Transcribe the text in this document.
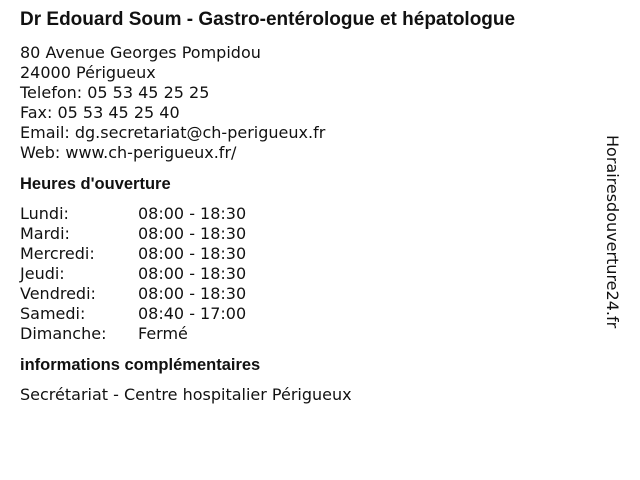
Dr Edouard Soum - Gastro-entérologue et hépatologue
80 Avenue Georges Pompidou
24000 Périgueux
Telefon: 05 53 45 25 25
Fax: 05 53 45 25 40
Email: dg.secretariat@ch-perigueux.fr
Web: www.ch-perigueux.fr/
Heures d'ouverture
Lundi:	08:00 - 18:30
Mardi:	08:00 - 18:30
Mercredi:	08:00 - 18:30
Jeudi:	08:00 - 18:30
Vendredi:	08:00 - 18:30
Samedi:	08:40 - 17:00
Dimanche:	Fermé
informations complémentaires
Secrétariat - Centre hospitalier Périgueux
Horairesdouverture24.fr
